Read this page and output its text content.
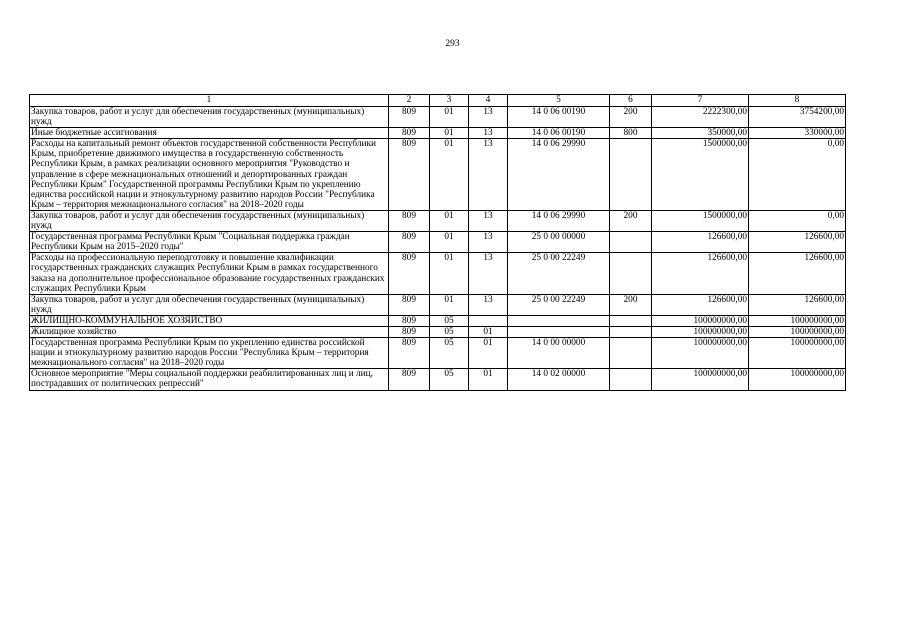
293
1	2	3	4	5	6	7	8
Закупка товаров, работ и услуг для обеспечения государственных (муниципальных) нужд	809	01	13	14 0 06 00190	200	2222300,00	3754200,00
Иные бюджетные ассигнования	809	01	13	14 0 06 00190	800	350000,00	330000,00
Расходы на капитальный ремонт объектов государственной собственности Республики Крым, приобретение движимого имущества в государственную собственность Республики Крым, в рамках реализации основного мероприятия "Руководство и управление в сфере межнациональных отношений и депортированных граждан Республики Крым" Государственной программы Республики Крым по укреплению единства российской нации и этнокультурному развитию народов России "Республика Крым – территория межнационального согласия" на 2018–2020 годы	809	01	13	14 0 06 29990		1500000,00	0,00
Закупка товаров, работ и услуг для обеспечения государственных (муниципальных) нужд	809	01	13	14 0 06 29990	200	1500000,00	0,00
Государственная программа Республики Крым "Социальная поддержка граждан Республики Крым на 2015–2020 годы"	809	01	13	25 0 00 00000		126600,00	126600,00
Расходы на профессиональную переподготовку и повышение квалификации государственных гражданских служащих Республики Крым в рамках государственного заказа на дополнительное профессиональное образование государственных гражданских служащих Республики Крым	809	01	13	25 0 00 22249		126600,00	126600,00
Закупка товаров, работ и услуг для обеспечения государственных (муниципальных) нужд	809	01	13	25 0 00 22249	200	126600,00	126600,00
ЖИЛИЩНО-КОММУНАЛЬНОЕ ХОЗЯЙСТВО	809	05				100000000,00	100000000,00
Жилищное хозяйство	809	05	01			100000000,00	100000000,00
Государственная программа Республики Крым по укреплению единства российской нации и этнокультурному развитию народов России "Республика Крым – территория межнационального согласия" на 2018–2020 годы	809	05	01	14 0 00 00000		100000000,00	100000000,00
Основное мероприятие "Меры социальной поддержки реабилитированных лиц и лиц, пострадавших от политических репрессий"	809	05	01	14 0 02 00000		100000000,00	100000000,00
